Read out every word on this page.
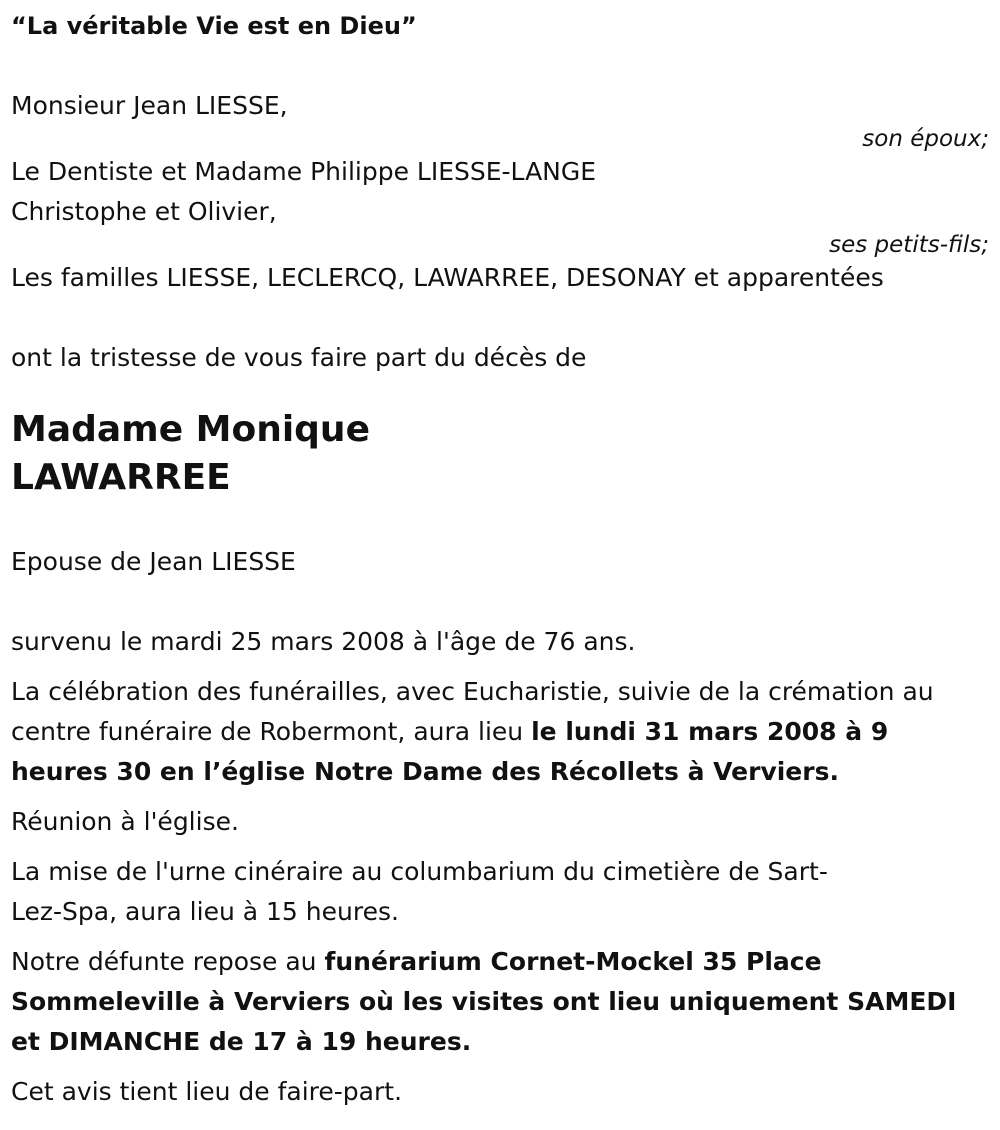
“La véritable Vie est en Dieu”

Monsieur Jean LIESSE,

son époux;

Le Dentiste et Madame Philippe LIESSE-LANGE

Christophe et Olivier,

ses petits-fils;

Les familles LIESSE, LECLERCQ, LAWARREE, DESONAY et apparentées

ont la tristesse de vous faire part du décès de

Madame Monique

LAWARREE

Epouse de Jean LIESSE

survenu le mardi 25 mars 2008 à l'âge de 76 ans.

La célébration des funérailles, avec Eucharistie, suivie de la crémation au centre funéraire de Robermont, aura lieu le lundi 31 mars 2008 à 9 heures 30 en l’église Notre Dame des Récollets à Verviers.

Réunion à l'église.

La mise de l'urne cinéraire au columbarium du cimetière de Sart-Lez-Spa, aura lieu à 15 heures.

Notre défunte repose au funérarium Cornet-Mockel 35 Place Sommeleville à Verviers où les visites ont lieu uniquement SAMEDI et DIMANCHE de 17 à 19 heures.

Cet avis tient lieu de faire-part.
